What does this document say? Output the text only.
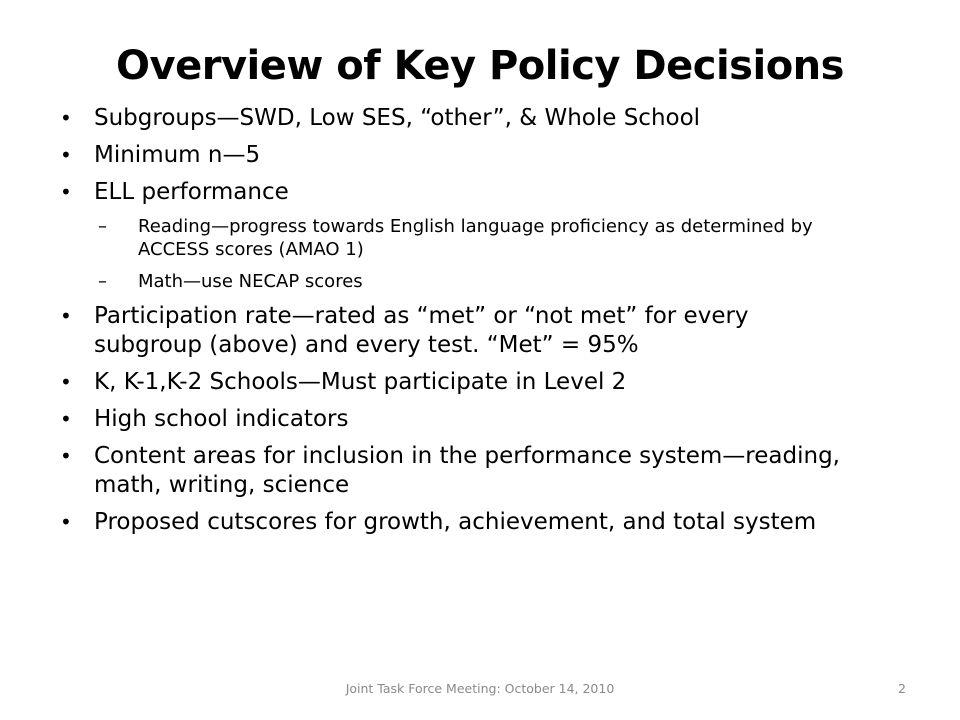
Overview of Key Policy Decisions
• Subgroups—SWD, Low SES, “other”, & Whole School
• Minimum n—5
• ELL performance
– Reading—progress towards English language proficiency as determined by ACCESS scores (AMAO 1)
– Math—use NECAP scores
• Participation rate—rated as “met” or “not met” for every subgroup (above) and every test. “Met” = 95%
• K, K-1,K-2 Schools—Must participate in Level 2
• High school indicators
• Content areas for inclusion in the performance system—reading, math, writing, science
• Proposed cutscores for growth, achievement, and total system
Joint Task Force Meeting: October 14, 2010	2
